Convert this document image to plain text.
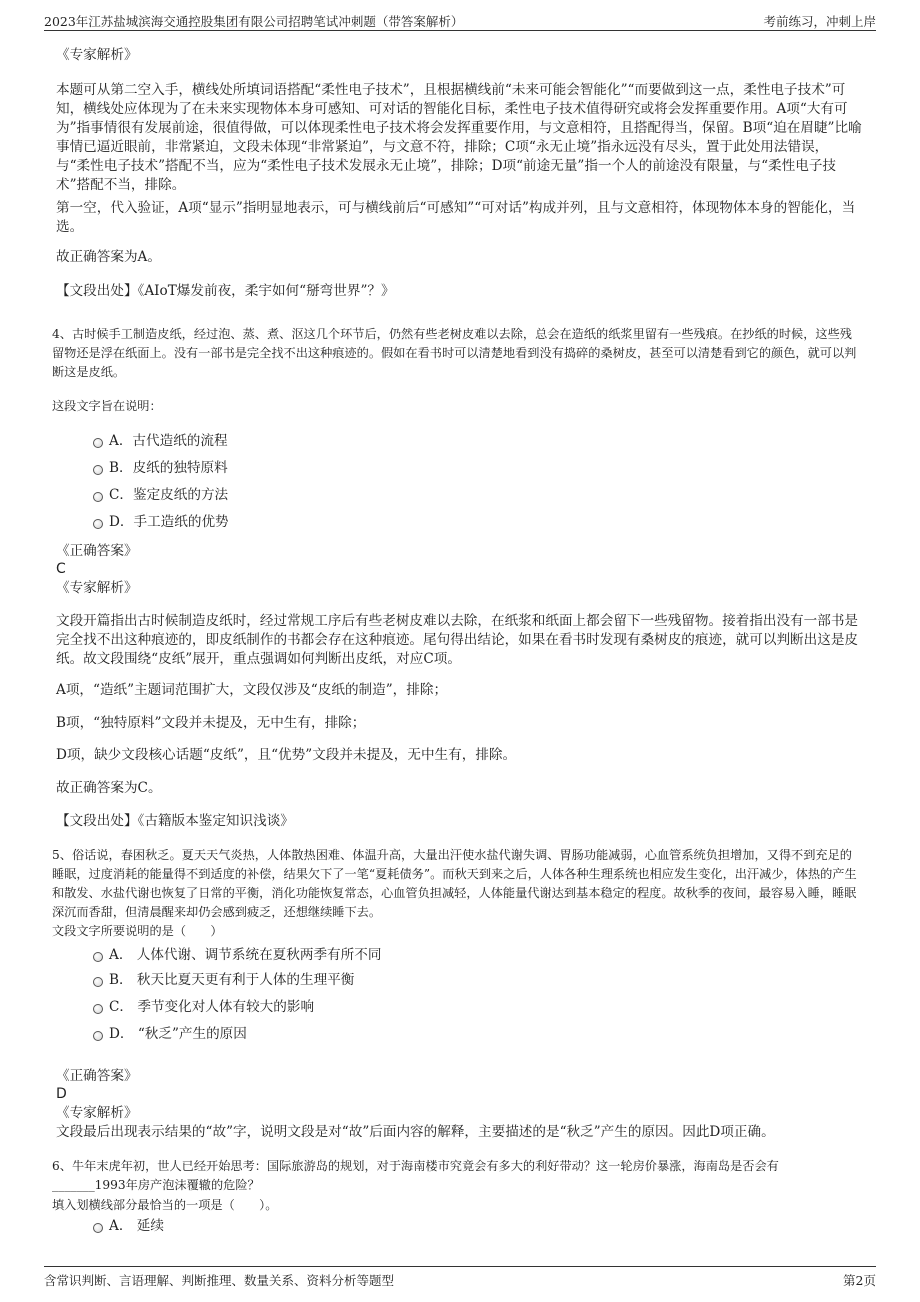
2023年江苏盐城滨海交通控股集团有限公司招聘笔试冲刺题（带答案解析）	考前练习，冲刺上岸
《专家解析》
本题可从第二空入手，横线处所填词语搭配“柔性电子技术”，且根据横线前“未来可能会智能化”“而要做到这一点，柔性电子技术”可知，横线处应体现为了在未来实现物体本身可感知、可对话的智能化目标，柔性电子技术值得研究或将会发挥重要作用。A项“大有可为”指事情很有发展前途，很值得做，可以体现柔性电子技术将会发挥重要作用，与文意相符，且搭配得当，保留。B项“迫在眉睫”比喻事情已逼近眼前，非常紧迫，文段未体现“非常紧迫”，与文意不符，排除；C项“永无止境”指永远没有尽头，置于此处用法错误，与“柔性电子技术”搭配不当，应为“柔性电子技术发展永无止境”，排除；D项“前途无量”指一个人的前途没有限量，与“柔性电子技术”搭配不当，排除。
第一空，代入验证，A项“显示”指明显地表示，可与横线前后“可感知”“可对话”构成并列，且与文意相符，体现物体本身的智能化，当选。
故正确答案为A。
【文段出处】《AIoT爆发前夜，柔宇如何“掰弯世界”？》
4、古时候手工制造皮纸，经过泡、蒸、煮、沤这几个环节后，仍然有些老树皮难以去除，总会在造纸的纸浆里留有一些残痕。在抄纸的时候，这些残留物还是浮在纸面上。没有一部书是完全找不出这种痕迹的。假如在看书时可以清楚地看到没有捣碎的桑树皮，甚至可以清楚看到它的颜色，就可以判断这是皮纸。
这段文字旨在说明：
A．古代造纸的流程
B．皮纸的独特原料
C．鉴定皮纸的方法
D．手工造纸的优势
《正确答案》
C
《专家解析》
文段开篇指出古时候制造皮纸时，经过常规工序后有些老树皮难以去除，在纸浆和纸面上都会留下一些残留物。接着指出没有一部书是完全找不出这种痕迹的，即皮纸制作的书都会存在这种痕迹。尾句得出结论，如果在看书时发现有桑树皮的痕迹，就可以判断出这是皮纸。故文段围绕“皮纸”展开，重点强调如何判断出皮纸，对应C项。
A项，“造纸”主题词范围扩大，文段仅涉及“皮纸的制造”，排除；
B项，“独特原料”文段并未提及，无中生有，排除；
D项，缺少文段核心话题“皮纸”，且“优势”文段并未提及，无中生有，排除。
故正确答案为C。
【文段出处】《古籍版本鉴定知识浅谈》
5、俗话说，春困秋乏。夏天天气炎热，人体散热困难、体温升高，大量出汗使水盐代谢失调、胃肠功能减弱，心血管系统负担增加，又得不到充足的睡眠，过度消耗的能量得不到适度的补偿，结果欠下了一笔“夏耗债务”。而秋天到来之后，人体各种生理系统也相应发生变化，出汗减少，体热的产生和散发、水盐代谢也恢复了日常的平衡，消化功能恢复常态，心血管负担减轻，人体能量代谢达到基本稳定的程度。故秋季的夜间，最容易入睡，睡眠深沉而香甜，但清晨醒来却仍会感到疲乏，还想继续睡下去。
文段文字所要说明的是（　　）
A． 人体代谢、调节系统在夏秋两季有所不同
B． 秋天比夏天更有利于人体的生理平衡
C． 季节变化对人体有较大的影响
D． “秋乏”产生的原因
《正确答案》
D
《专家解析》
文段最后出现表示结果的“故”字，说明文段是对“故”后面内容的解释，主要描述的是“秋乏”产生的原因。因此D项正确。
6、牛年末虎年初，世人已经开始思考：国际旅游岛的规划，对于海南楼市究竟会有多大的利好带动？这一轮房价暴涨，海南岛是否会有
_______1993年房产泡沫覆辙的危险？
填入划横线部分最恰当的一项是（　　）。
A． 延续
含常识判断、言语理解、判断推理、数量关系、资料分析等题型	第2页
